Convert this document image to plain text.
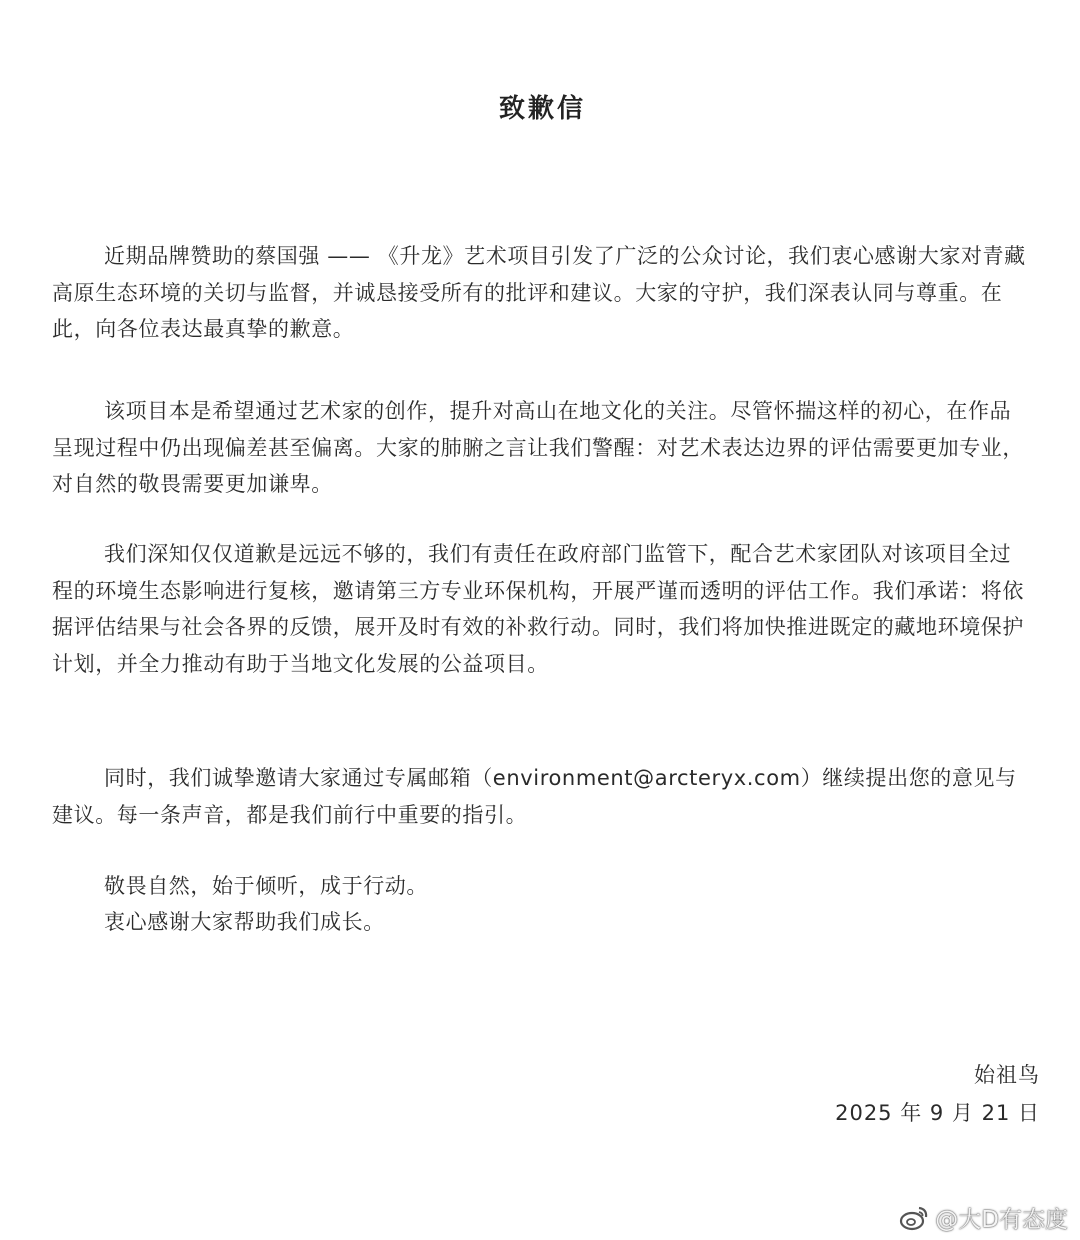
致歉信

近期品牌赞助的蔡国强 —— 《升龙》艺术项目引发了广泛的公众讨论，我们衷心感谢大家对青藏高原生态环境的关切与监督，并诚恳接受所有的批评和建议。大家的守护，我们深表认同与尊重。在此，向各位表达最真挚的歉意。

该项目本是希望通过艺术家的创作，提升对高山在地文化的关注。尽管怀揣这样的初心，在作品呈现过程中仍出现偏差甚至偏离。大家的肺腑之言让我们警醒：对艺术表达边界的评估需要更加专业，对自然的敬畏需要更加谦卑。

我们深知仅仅道歉是远远不够的，我们有责任在政府部门监管下，配合艺术家团队对该项目全过程的环境生态影响进行复核，邀请第三方专业环保机构，开展严谨而透明的评估工作。我们承诺：将依据评估结果与社会各界的反馈，展开及时有效的补救行动。同时，我们将加快推进既定的藏地环境保护计划，并全力推动有助于当地文化发展的公益项目。

同时，我们诚挚邀请大家通过专属邮箱（environment@arcteryx.com）继续提出您的意见与建议。每一条声音，都是我们前行中重要的指引。

敬畏自然，始于倾听，成于行动。

衷心感谢大家帮助我们成长。

始祖鸟
2025 年 9 月 21 日
@大D有态度
